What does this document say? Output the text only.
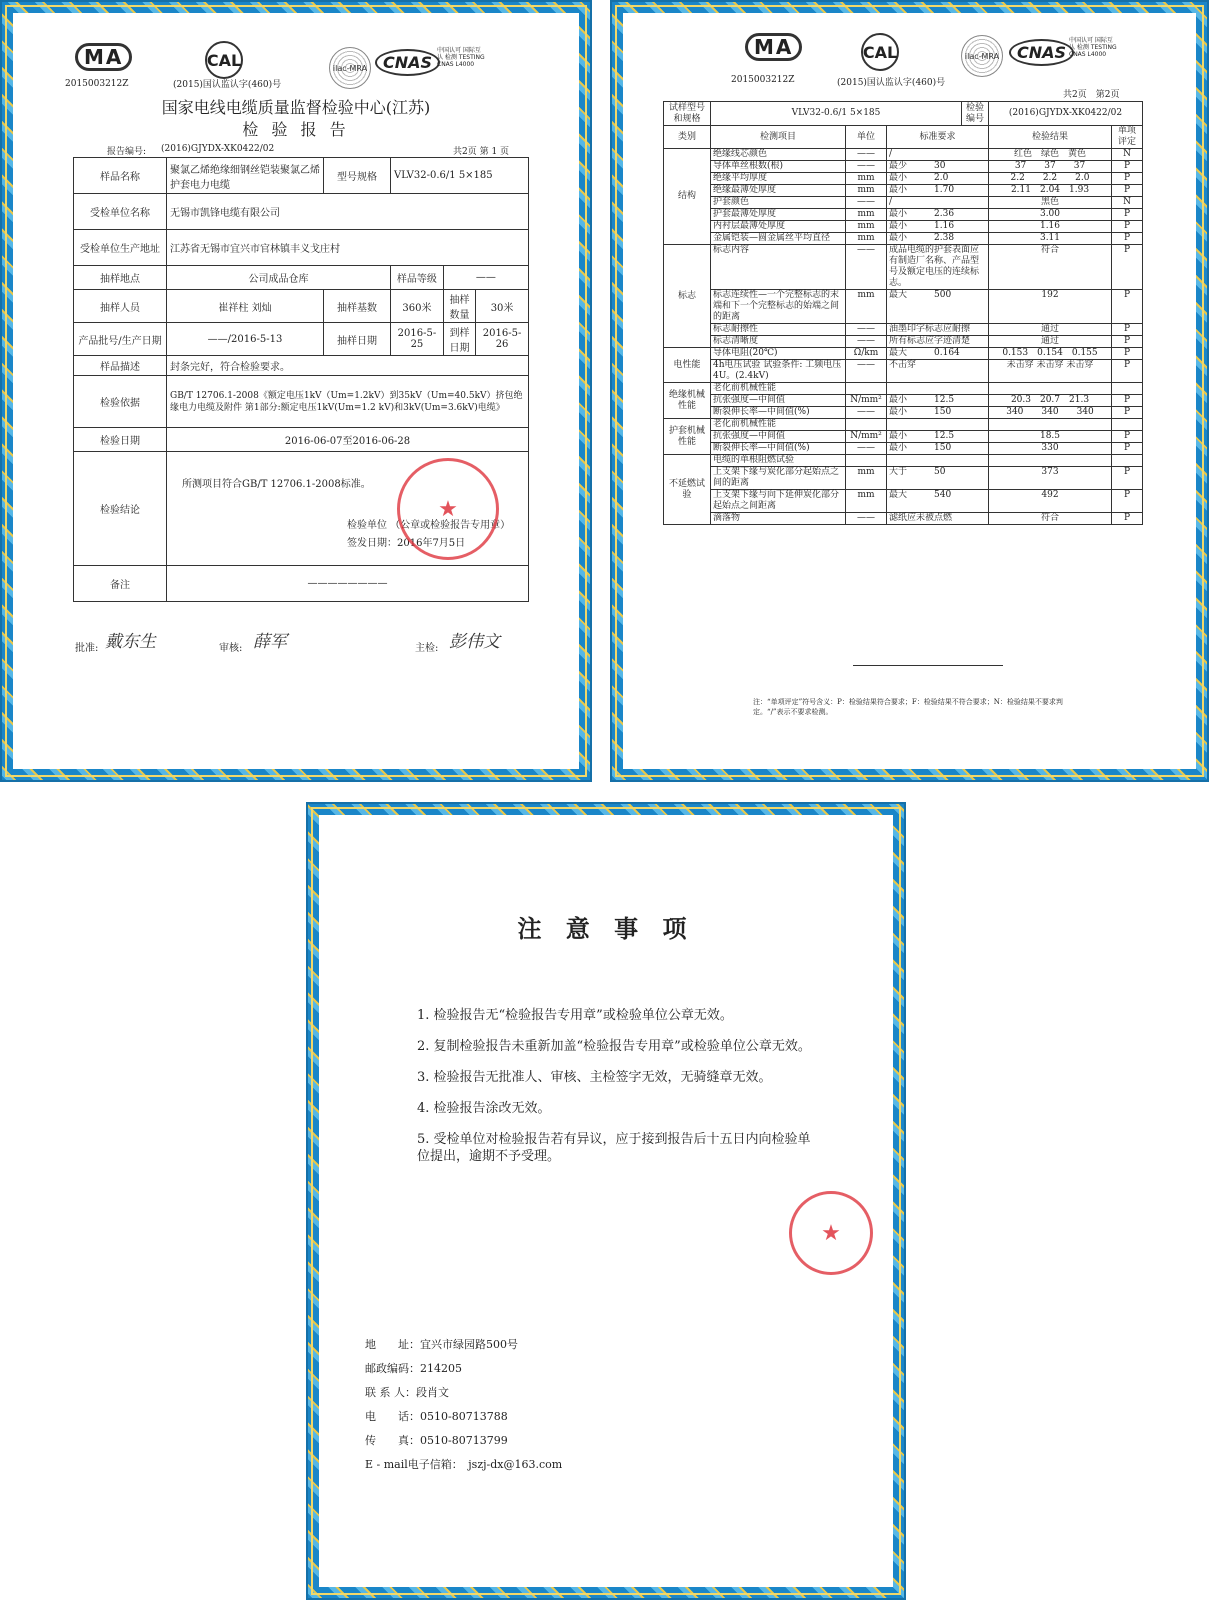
MA
2015003212Z
CAL
(2015)国认监认字(460)号
ilac-MRA CNAS
中国认可 国际互认 检测 TESTING CNAS L4000
国家电线电缆质量监督检验中心(江苏)
检 验 报 告
报告编号: (2016)GJYDX-XK0422/02	共2页 第 1 页
样品名称	聚氯乙烯绝缘细钢丝铠装聚氯乙烯护套电力电缆	型号规格	VLV32-0.6/1 5×185		
受检单位名称	无锡市凯锋电缆有限公司				
受检单位生产地址	江苏省无锡市宜兴市官林镇丰义戈庄村				
抽样地点	公司成品仓库		样品等级	——	
抽样人员	崔祥柱 刘灿	抽样基数	360米	抽样数量	30米
产品批号/生产日期	——/2016-5-13	抽样日期	2016-5-25	到样日期	2016-5-26
样品描述	封条完好，符合检验要求。				
检验依据	GB/T 12706.1-2008《额定电压1kV（Um=1.2kV）到35kV（Um=40.5kV）挤包绝缘电力电缆及附件 第1部分:额定电压1kV(Um=1.2 kV)和3kV(Um=3.6kV)电缆》				
检验日期	2016-06-07至2016-06-28				
检验结论	所测项目符合GB/T 12706.1-2008标准。
检验单位 （公章或检验报告专用章）
签发日期：2016年7月5日
★				

备注	————————				
批准: 戴东生	审核: 薛军	主检: 彭伟文
MA
2015003212Z
CAL
(2015)国认监认字(460)号
ilac-MRA	CNAS
中国认可 国际互认 检测 TESTING CNAS L4000
共2页　第2页
试样型号和规格	VLV32-0.6/1 5×185			检验编号	(2016)GJYDX-XK0422/02	
类别	检测项目	单位	标准要求		检验结果	单项评定
结构	绝缘线芯颜色	——	/		红色　绿色　黄色	N
	导体单丝根数(根)	——	最少　　　30		37　　37　　37	P
	绝缘平均厚度	mm	最小　　　2.0		2.2　　2.2　　2.0	P
	绝缘最薄处厚度	mm	最小　　　1.70		2.11　2.04　1.93	P
	护套颜色	——	/		黑色	N
	护套最薄处厚度	mm	最小　　　2.36		3.00	P
	内衬层最薄处厚度	mm	最小　　　1.16		1.16	P
	金属铠装—圆金属丝平均直径	mm	最小　　　2.38		3.11	P
标志	标志内容	——	成品电缆的护套表面应有制造厂名称、产品型号及额定电压的连续标志。		符合	P
	标志连续性—一个完整标志的末端和下一个完整标志的始端之间的距离	mm	最大　　　500		192	P
	标志耐擦性	——	油墨印字标志应耐擦		通过	P
	标志清晰度	——	所有标志应字迹清楚		通过	P
电性能	导体电阻(20℃)	Ω/km	最大　　　0.164		0.153　0.154　0.155	P
	4h电压试验 试验条件: 工频电压4U。(2.4kV)	——	不击穿		未击穿 未击穿 未击穿	P
绝缘机械性能	老化前机械性能					
	抗张强度—中间值	N/mm²	最小　　　12.5		20.3　20.7　21.3	P
	断裂伸长率—中间值(%)	——	最小　　　150		340　　340　　340	P
护套机械性能	老化前机械性能					
	抗张强度—中间值	N/mm²	最小　　　12.5		18.5	P
	断裂伸长率—中间值(%)	——	最小　　　150		330	P
不延燃试验	电缆的单根阻燃试验					
	上支架下缘与炭化部分起始点之间的距离	mm	大于　　　50		373	P
	上支架下缘与向下延伸炭化部分起始点之间距离	mm	最大　　　540		492	P
	滴落物	——	滤纸应未被点燃		符合	P
注：“单项评定”符号含义：P：检验结果符合要求；F：检验结果不符合要求；N：检验结果不要求判定。“/”表示不要求检测。
注 意 事 项
1. 检验报告无“检验报告专用章”或检验单位公章无效。
2. 复制检验报告未重新加盖“检验报告专用章”或检验单位公章无效。
3. 检验报告无批准人、审核、主检签字无效，无骑缝章无效。
4. 检验报告涂改无效。
5. 受检单位对检验报告若有异议，应于接到报告后十五日内向检验单位提出，逾期不予受理。
★
地　　址：宜兴市绿园路500号
邮政编码：214205
联 系 人：段肖文
电　　话：0510-80713788
传　　真：0510-80713799
E - mail电子信箱：　jszj-dx@163.com
